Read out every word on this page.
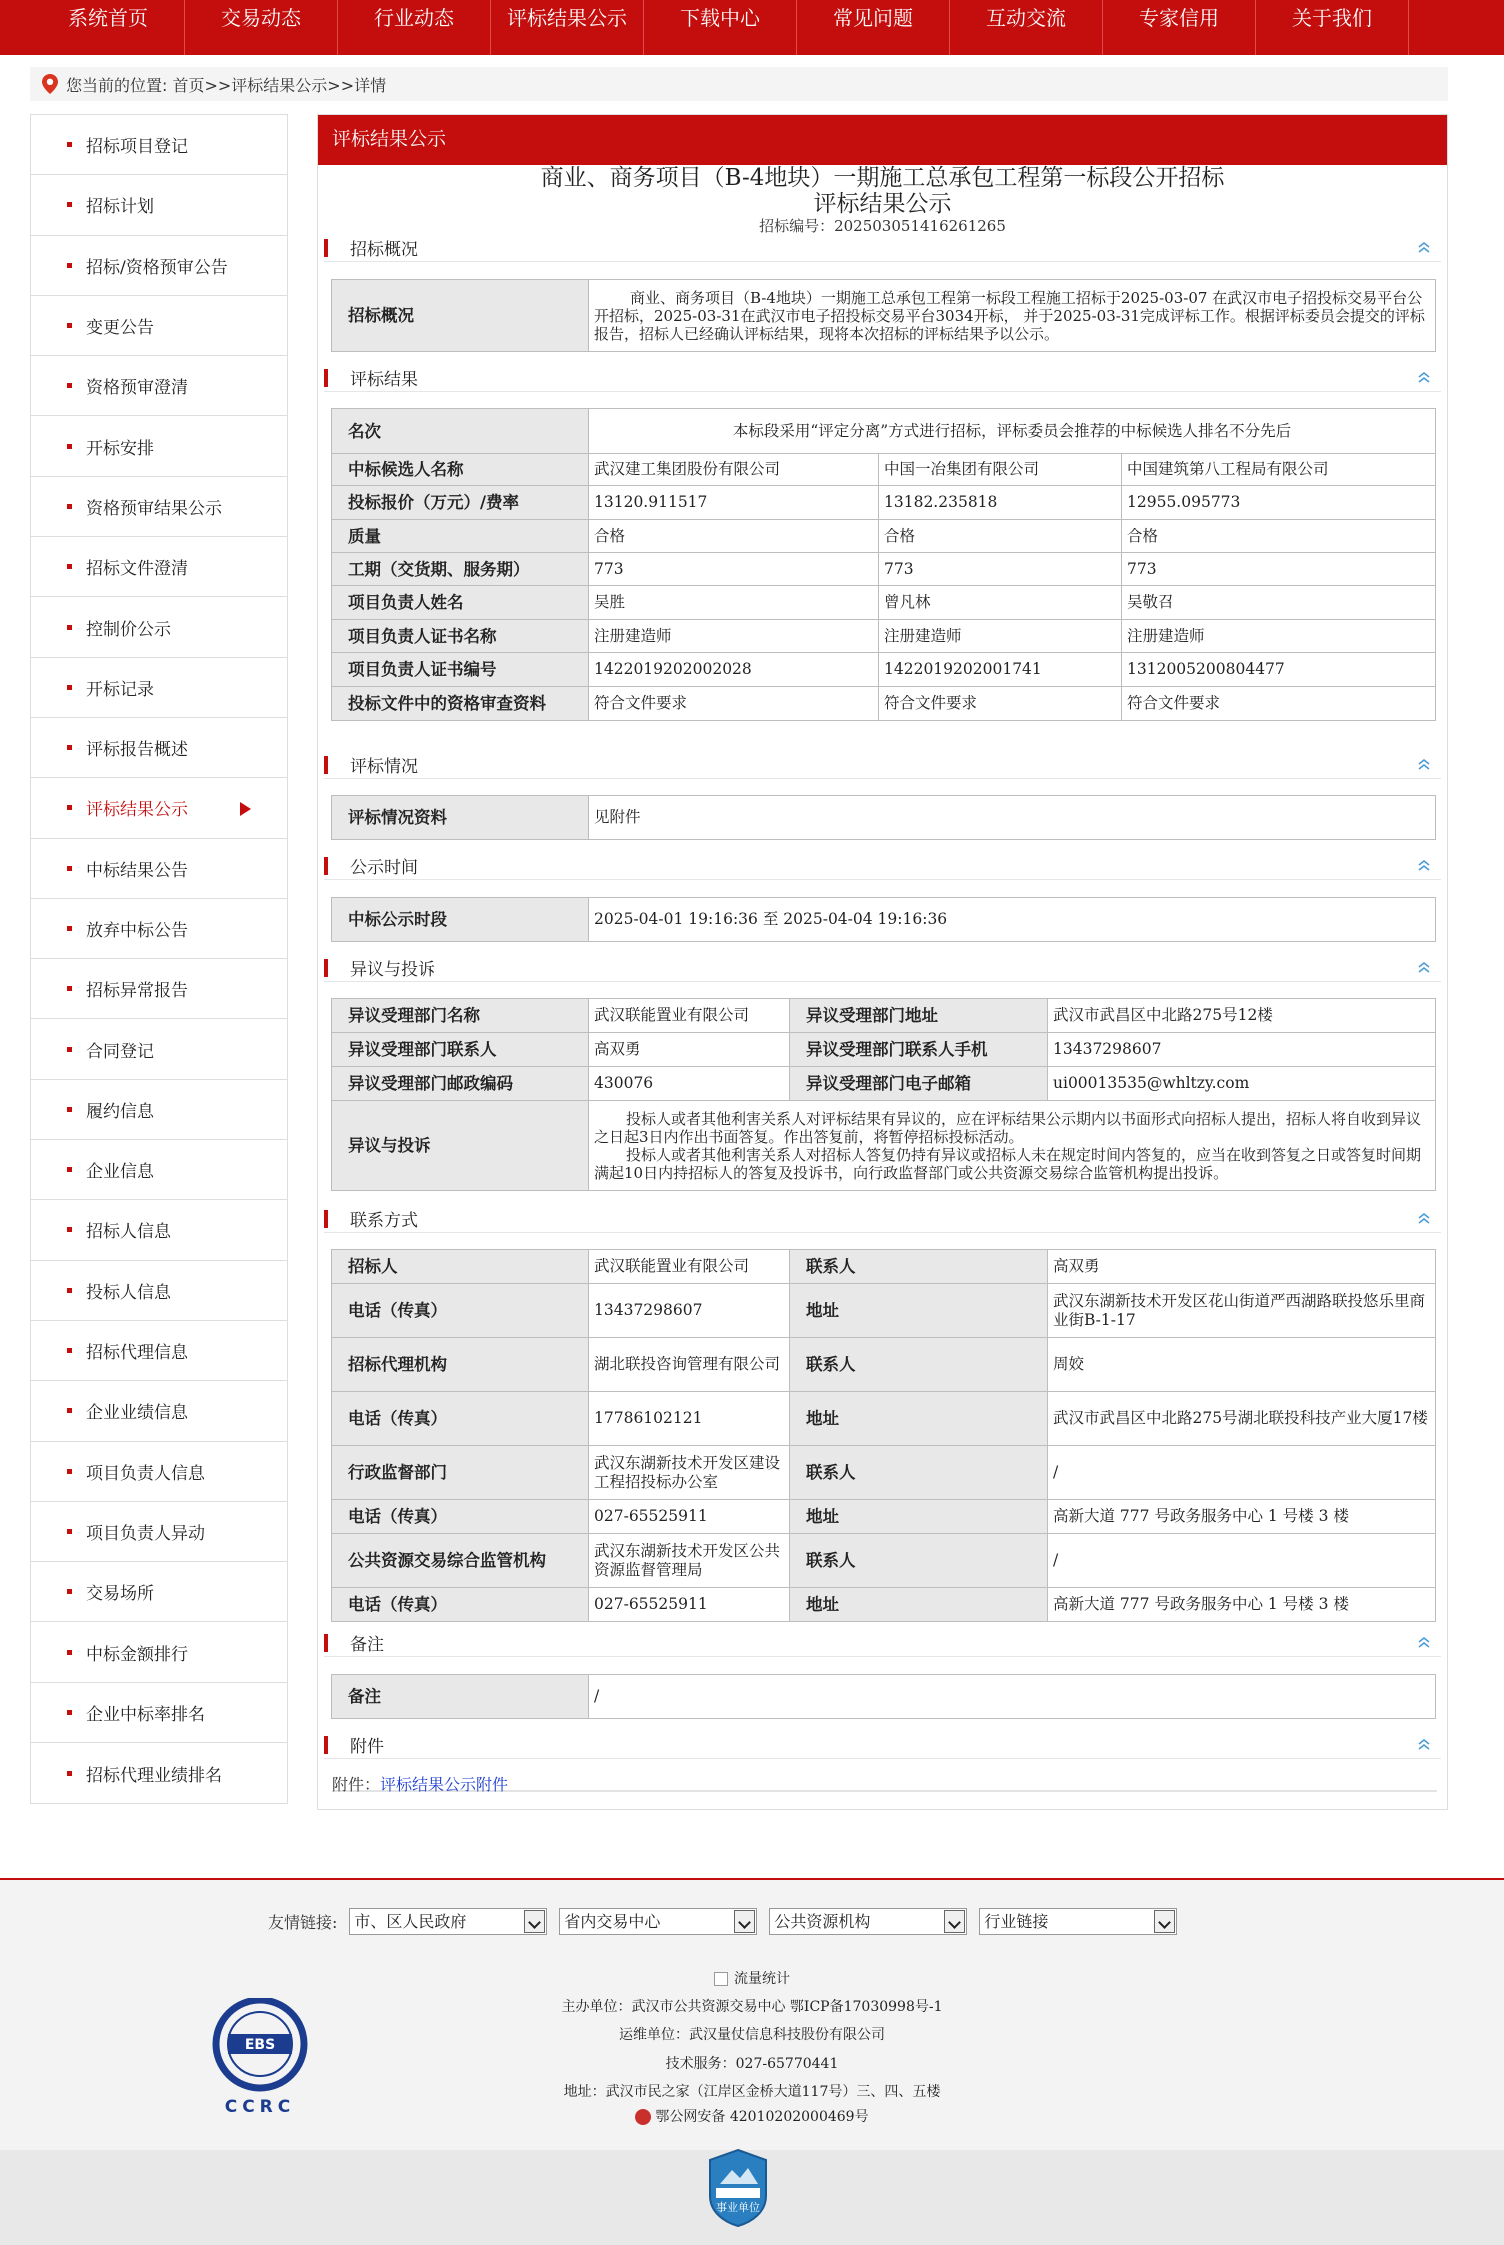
系统首页	交易动态	行业动态	评标结果公示	下载中心	常见问题	互动交流	专家信用	关于我们
您当前的位置: 首页>>评标结果公示>>详情
招标项目登记
招标计划
招标/资格预审公告
变更公告
资格预审澄清
开标安排
资格预审结果公示
招标文件澄清
控制价公示
开标记录
评标报告概述
评标结果公示
中标结果公告
放弃中标公告
招标异常报告
合同登记
履约信息
企业信息
招标人信息
投标人信息
招标代理信息
企业业绩信息
项目负责人信息
项目负责人异动
交易场所
中标金额排行
企业中标率排名
招标代理业绩排名
评标结果公示
商业、商务项目（B-4地块）一期施工总承包工程第一标段公开招标
评标结果公示
招标编号：202503051416261265
招标概况
招标概况	商业、商务项目（B-4地块）一期施工总承包工程第一标段工程施工招标于2025-03-07 在武汉市电子招投标交易平台公开招标，2025-03-31在武汉市电子招投标交易平台3034开标， 并于2025-03-31完成评标工作。根据评标委员会提交的评标报告，招标人已经确认评标结果，现将本次招标的评标结果予以公示。
评标结果
名次	本标段采用“评定分离”方式进行招标，评标委员会推荐的中标候选人排名不分先后		
中标候选人名称	武汉建工集团股份有限公司	中国一冶集团有限公司	中国建筑第八工程局有限公司
投标报价（万元）/费率	13120.911517	13182.235818	12955.095773
质量	合格	合格	合格
工期（交货期、服务期）	773	773	773
项目负责人姓名	吴胜	曾凡林	吴敬召
项目负责人证书名称	注册建造师	注册建造师	注册建造师
项目负责人证书编号	1422019202002028	1422019202001741	1312005200804477
投标文件中的资格审查资料	符合文件要求	符合文件要求	符合文件要求
评标情况
评标情况资料	见附件
公示时间
中标公示时段	2025-04-01 19:16:36 至 2025-04-04 19:16:36
异议与投诉
异议受理部门名称	武汉联能置业有限公司	异议受理部门地址	武汉市武昌区中北路275号12楼
异议受理部门联系人	高双勇	异议受理部门联系人手机	13437298607
异议受理部门邮政编码	430076	异议受理部门电子邮箱	ui00013535@whltzy.com
异议与投诉	投标人或者其他利害关系人对评标结果有异议的，应在评标结果公示期内以书面形式向招标人提出，招标人将自收到异议之日起3日内作出书面答复。作出答复前，将暂停招标投标活动。
投标人或者其他利害关系人对招标人答复仍持有异议或招标人未在规定时间内答复的，应当在收到答复之日或答复时间期满起10日内持招标人的答复及投诉书，向行政监督部门或公共资源交易综合监管机构提出投诉。		
联系方式
招标人	武汉联能置业有限公司	联系人	高双勇
电话（传真）	13437298607	地址	武汉东湖新技术开发区花山街道严西湖路联投悠乐里商业街B-1-17
招标代理机构	湖北联投咨询管理有限公司	联系人	周姣
电话（传真）	17786102121	地址	武汉市武昌区中北路275号湖北联投科技产业大厦17楼
行政监督部门	武汉东湖新技术开发区建设工程招投标办公室	联系人	/
电话（传真）	027-65525911	地址	高新大道 777 号政务服务中心 1 号楼 3 楼
公共资源交易综合监管机构	武汉东湖新技术开发区公共资源监督管理局	联系人	/
电话（传真）	027-65525911	地址	高新大道 777 号政务服务中心 1 号楼 3 楼
备注
备注	/
附件
附件：评标结果公示附件
友情链接:	市、区人民政府	省内交易中心	公共资源机构	行业链接
流量统计
主办单位：武汉市公共资源交易中心 鄂ICP备17030998号-1
运维单位：武汉量仗信息科技股份有限公司
技术服务：027-65770441
地址：武汉市民之家（江岸区金桥大道117号）三、四、五楼
鄂公网安备 42010202000469号
EBS
CCRC
事业单位
